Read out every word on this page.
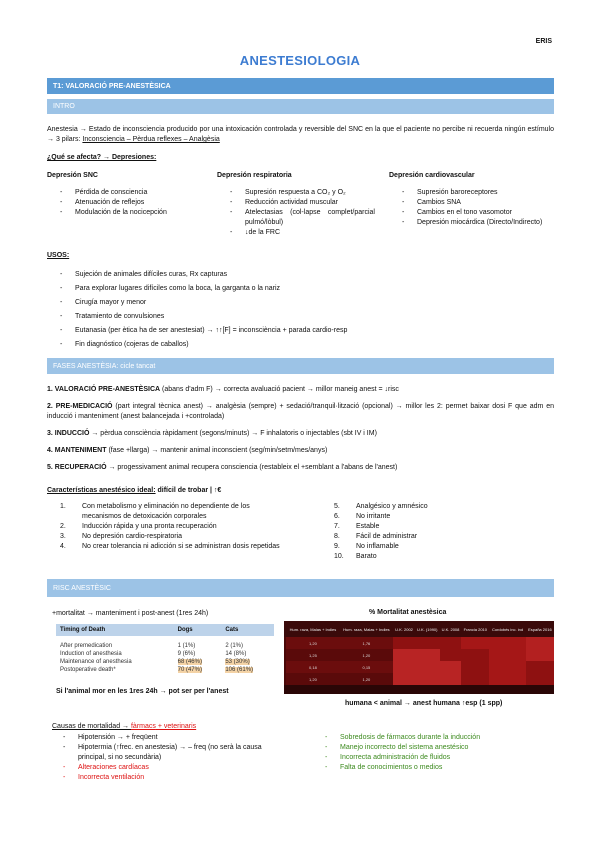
ERIS
ANESTESIOLOGIA
T1: VALORACIÓ PRE-ANESTÈSICA
INTRO
Anestesia → Estado de inconsciencia producido por una intoxicación controlada y reversible del SNC en la que el paciente no percibe ni recuerda ningún estímulo → 3 pilars: Inconsciencia – Pèrdua reflexes – Analgèsia
¿Qué se afecta? → Depresiones:
Depresión SNC
- Pérdida de consciencia
- Atenuación de reflejos
- Modulación de la nocicepción
Depresión respiratoria
- Supresión respuesta a CO₂ y O₂
- Reducción actividad muscular
- Atelectasias (col-lapse complet/parcial pulmó/lòbul)
- ↓de la FRC
Depresión cardiovascular
- Supresión baroreceptores
- Cambios SNA
- Cambios en el tono vasomotor
- Depresión miocárdica (Directo/Indirecto)
USOS:
- Sujeción de animales difíciles curas, Rx capturas
- Para explorar lugares difíciles como la boca, la garganta o la nariz
- Cirugía mayor y menor
- Tratamiento de convulsiones
- Eutanasia (per ètica ha de ser anestesiat) → ↑↑[F] = inconsciència + parada cardio-resp
- Fin diagnóstico (cojeras de caballos)
FASES ANESTÈSIA: cicle tancat
1. VALORACIÓ PRE-ANESTÈSICA (abans d'adm F) → correcta avaluació pacient → millor maneig anest = ↓risc
2. PRE-MEDICACIÓ (part integral tècnica anest) → analgèsia (sempre) + sedació/tranquil·lització (opcional) → millor les 2: permet baixar dosi F que adm en inducció i manteniment (anest balancejada i +controlada)
3. INDUCCIÓ → pèrdua consciència ràpidament (segons/minuts) → F inhalatoris o injectables (sbt IV i IM)
4. MANTENIMENT (fase +llarga) → mantenir animal inconscient (seg/min/setm/mes/anys)
5. RECUPERACIÓ → progessivament animal recupera consciencia (restableix el +semblant a l'abans de l'anest)
Características anestésico ideal: difícil de trobar | ↑€
1. Con metabolismo y eliminación no dependiente de los mecanismos de detoxicación corporales
2. Inducción rápida y una pronta recuperación
3. No depresión cardio-respiratoria
4. No crear tolerancia ni adicción si se administran dosis repetidas
5. Analgésico y amnésico
6. No irritante
7. Estable
8. Fácil de administrar
9. No inflamable
10. Barato
RISC ANESTÈSIC
+mortalitat → manteniment i post-anest (1res 24h)
Timing of Death	Dogs	Cats

After premedication	1 (1%)	2 (1%)
Induction of anesthesia	9 (6%)	14 (8%)
Maintenance of anesthesia	68 (46%)	53 (30%)
Postoperative death*	70 (47%)	106 (61%)
Si l'animal mor en les 1res 24h → pot ser per l'anest
% Mortalitat anestèsica
	Hum. raza, Malas + Indies	Hum. raza, Malas + Indies	U.K. 2002	U.K. (1990)	U.K. 2008	Francia 2010	Cordobés inc. ind	España 2016
	1,20	1,76						
	1,25	1,20						
	0,18	0,15						
	1,20	1,20						
humana < animal → anest humana ↑esp (1 spp)
Causas de mortalidad → fàrmacs + veterinaris
- Hipotensión → + freqüent
- Hipotermia (↑frec. en anestesia) → – freq (no serà la causa principal, si no secundària)
- Alteraciones cardíacas
- Incorrecta ventilación
- Sobredosis de fármacos durante la inducción
- Manejo incorrecto del sistema anestésico
- Incorrecta administración de fluidos
- Falta de conocimientos o medios
